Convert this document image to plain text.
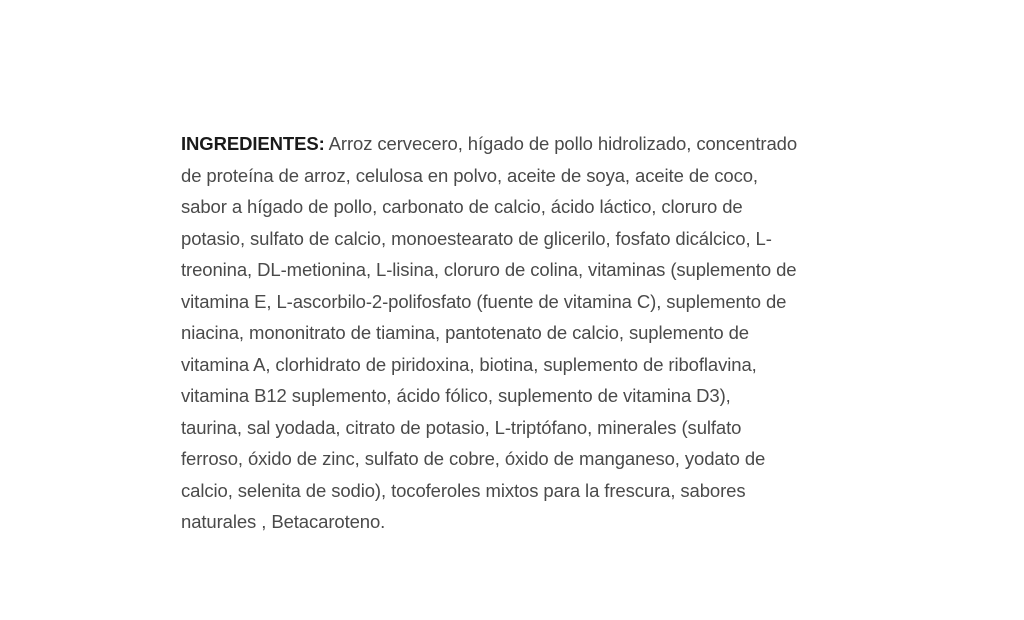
INGREDIENTES: Arroz cervecero, hígado de pollo hidrolizado, concentrado
de proteína de arroz, celulosa en polvo, aceite de soya, aceite de coco,
sabor a hígado de pollo, carbonato de calcio, ácido láctico, cloruro de
potasio, sulfato de calcio, monoestearato de glicerilo, fosfato dicálcico, L-
treonina, DL-metionina, L-lisina, cloruro de colina, vitaminas (suplemento de
vitamina E, L-ascorbilo-2-polifosfato (fuente de vitamina C), suplemento de
niacina, mononitrato de tiamina, pantotenato de calcio, suplemento de
vitamina A, clorhidrato de piridoxina, biotina, suplemento de riboflavina,
vitamina B12 suplemento, ácido fólico, suplemento de vitamina D3),
taurina, sal yodada, citrato de potasio, L-triptófano, minerales (sulfato
ferroso, óxido de zinc, sulfato de cobre, óxido de manganeso, yodato de
calcio, selenita de sodio), tocoferoles mixtos para la frescura, sabores
naturales , Betacaroteno.
